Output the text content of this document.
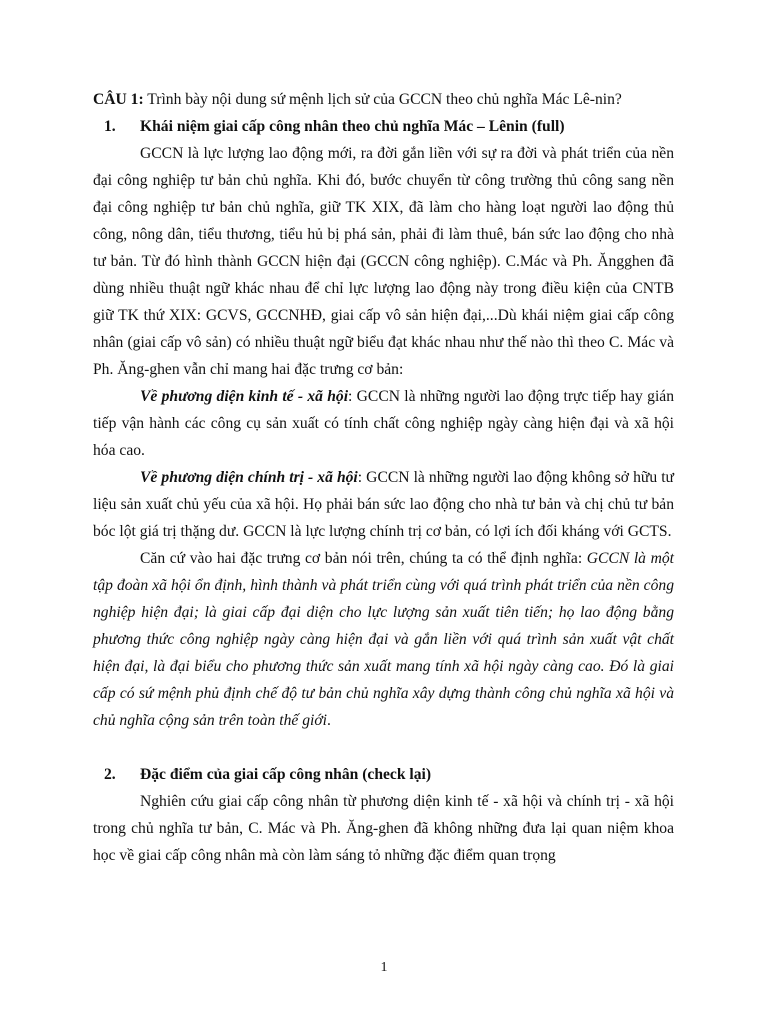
CÂU 1: Trình bày nội dung sứ mệnh lịch sử của GCCN theo chủ nghĩa Mác Lê-nin?

1. Khái niệm giai cấp công nhân theo chủ nghĩa Mác – Lênin (full)

GCCN là lực lượng lao động mới, ra đời gắn liền với sự ra đời và phát triển của nền đại công nghiệp tư bản chủ nghĩa. Khi đó, bước chuyển từ công trường thủ công sang nền đại công nghiệp tư bản chủ nghĩa, giữ TK XIX, đã làm cho hàng loạt người lao động thủ công, nông dân, tiểu thương, tiểu hủ bị phá sản, phải đi làm thuê, bán sức lao động cho nhà tư bản. Từ đó hình thành GCCN hiện đại (GCCN công nghiệp). C.Mác và Ph. Ăngghen đã dùng nhiều thuật ngữ khác nhau để chỉ lực lượng lao động này trong điều kiện của CNTB giữ TK thứ XIX: GCVS, GCCNHĐ, giai cấp vô sản hiện đại,...Dù khái niệm giai cấp công nhân (giai cấp vô sản) có nhiều thuật ngữ biểu đạt khác nhau như thế nào thì theo C. Mác và Ph. Ăng-ghen vẫn chỉ mang hai đặc trưng cơ bản:

Về phương diện kinh tế - xã hội: GCCN là những người lao động trực tiếp hay gián tiếp vận hành các công cụ sản xuất có tính chất công nghiệp ngày càng hiện đại và xã hội hóa cao.

Về phương diện chính trị - xã hội: GCCN là những người lao động không sở hữu tư liệu sản xuất chủ yếu của xã hội. Họ phải bán sức lao động cho nhà tư bản và chị chủ tư bản bóc lột giá trị thặng dư. GCCN là lực lượng chính trị cơ bản, có lợi ích đối kháng với GCTS.

Căn cứ vào hai đặc trưng cơ bản nói trên, chúng ta có thể định nghĩa: GCCN là một tập đoàn xã hội ổn định, hình thành và phát triển cùng với quá trình phát triển của nền công nghiệp hiện đại; là giai cấp đại diện cho lực lượng sản xuất tiên tiến; họ lao động bằng phương thức công nghiệp ngày càng hiện đại và gắn liền với quá trình sản xuất vật chất hiện đại, là đại biểu cho phương thức sản xuất mang tính xã hội ngày càng cao. Đó là giai cấp có sứ mệnh phủ định chế độ tư bản chủ nghĩa xây dựng thành công chủ nghĩa xã hội và chủ nghĩa cộng sản trên toàn thế giới.

2. Đặc điểm của giai cấp công nhân (check lại)

Nghiên cứu giai cấp công nhân từ phương diện kinh tế - xã hội và chính trị - xã hội trong chủ nghĩa tư bản, C. Mác và Ph. Ăng-ghen đã không những đưa lại quan niệm khoa học về giai cấp công nhân mà còn làm sáng tỏ những đặc điểm quan trọng

1
